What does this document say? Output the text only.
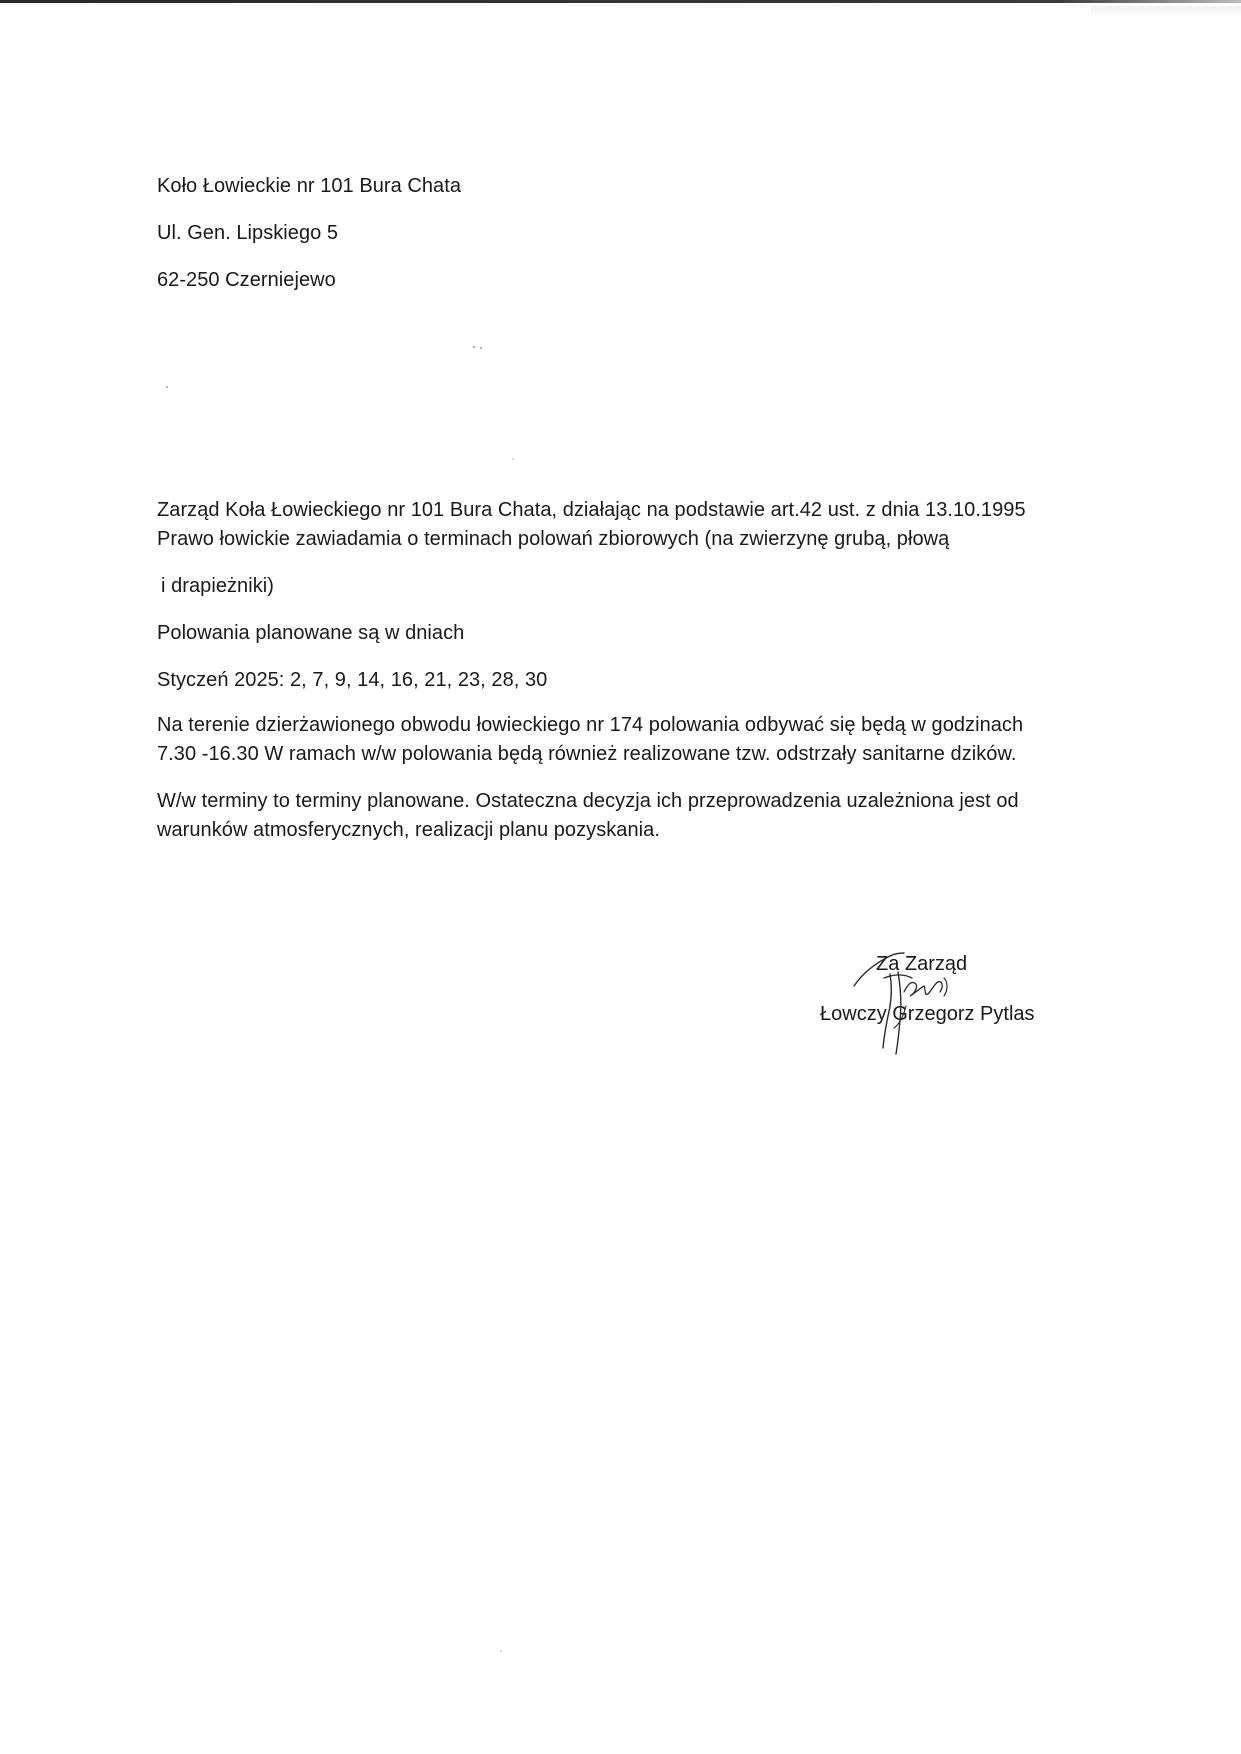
Koło Łowieckie nr 101 Bura Chata
Ul. Gen. Lipskiego 5
62-250 Czerniejewo
Zarząd Koła Łowieckiego nr 101 Bura Chata, działając na podstawie art.42 ust. z dnia 13.10.1995
Prawo łowickie zawiadamia o terminach polowań zbiorowych (na zwierzynę grubą, płową
i drapieżniki)
Polowania planowane są w dniach
Styczeń 2025: 2, 7, 9, 14, 16, 21, 23, 28, 30
Na terenie dzierżawionego obwodu łowieckiego nr 174 polowania odbywać się będą w godzinach
7.30 -16.30 W ramach w/w polowania będą również realizowane tzw. odstrzały sanitarne dzików.
W/w terminy to terminy planowane. Ostateczna decyzja ich przeprowadzenia uzależniona jest od
warunków atmosferycznych, realizacji planu pozyskania.
Za Zarząd
Łowczy Grzegorz Pytlas
